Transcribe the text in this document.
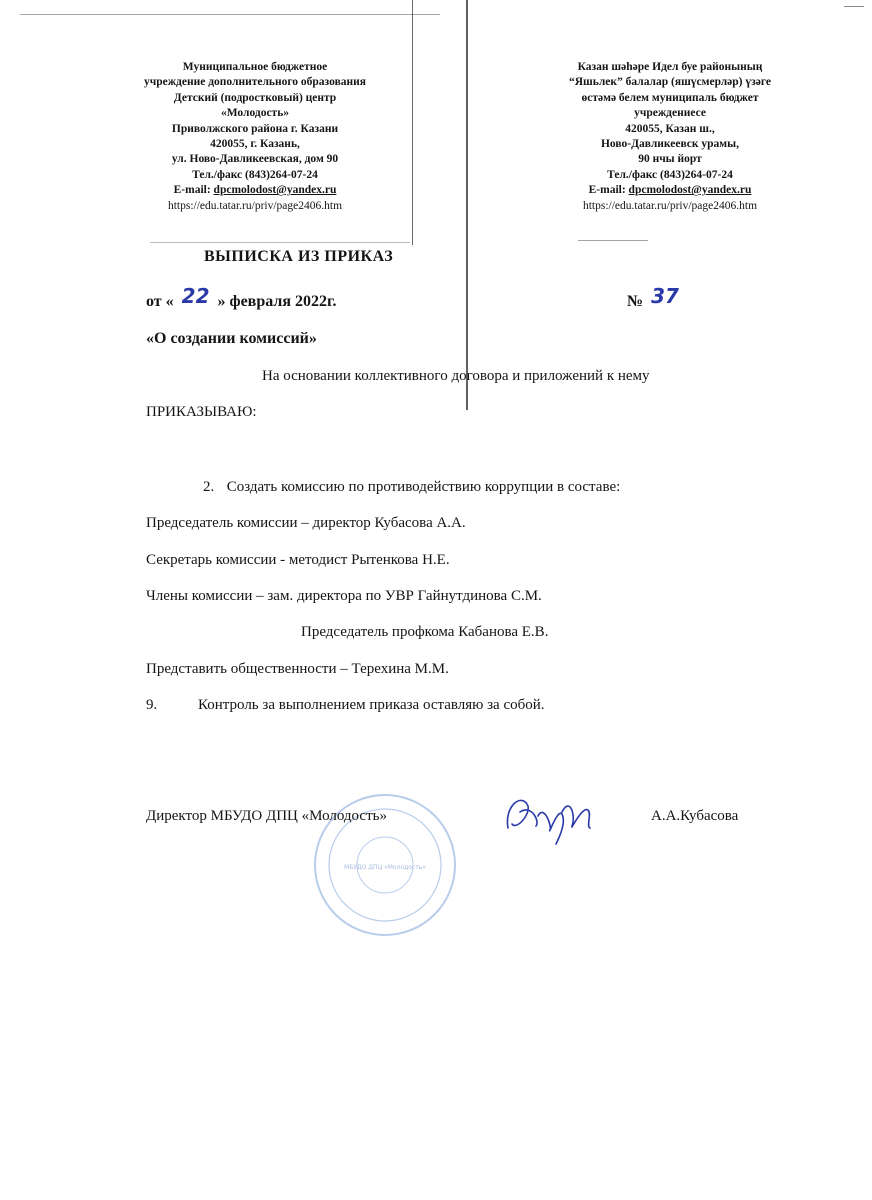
Муниципальное бюджетное
учреждение дополнительного образования
Детский (подростковый) центр
«Молодость»
Приволжского района г. Казани
420055, г. Казань,
ул. Ново-Давликеевская, дом 90
Тел./факс (843)264-07-24
E-mail: dpcmolodost@yandex.ru
https://edu.tatar.ru/priv/page2406.htm
Казан шәһәре Идел буе районының
“Яшьлек” балалар (яшүсмерләр) үзәге
өстәмә белем муниципаль бюджет
учреждениесе
420055, Казан ш.,
Ново-Давликеевск урамы,
90 нчы йорт
Тел./факс (843)264-07-24
E-mail: dpcmolodost@yandex.ru
https://edu.tatar.ru/priv/page2406.htm
ВЫПИСКА ИЗ ПРИКАЗ
от « 22 » февраля 2022г.	№ 37
«О создании комиссий»
На основании коллективного договора и приложений к нему
ПРИКАЗЫВАЮ:
2. Создать комиссию по противодействию коррупции в составе:
Председатель комиссии – директор Кубасова А.А.
Секретарь комиссии - методист Рытенкова Н.Е.
Члены комиссии – зам. директора по УВР Гайнутдинова С.М.
Председатель профкома Кабанова Е.В.
Представить общественности – Терехина М.М.
9.	Контроль за выполнением приказа оставляю за собой.
МБУДО ДПЦ «Молодость»
Директор МБУДО ДПЦ «Молодость»	А.А.Кубасова
